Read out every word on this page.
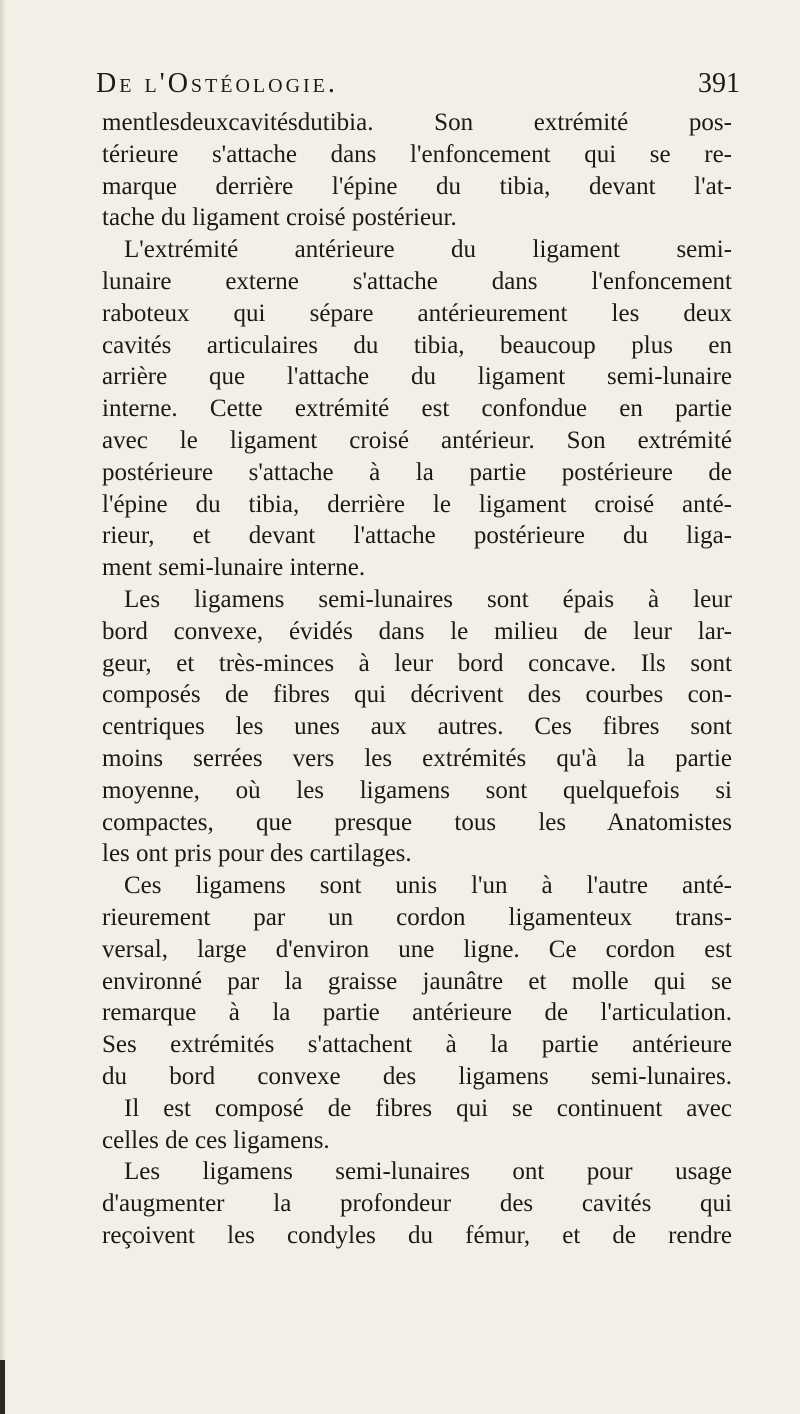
De l'Ostéologie.	391
mentlesdeuxcavitésdutibia. Son extrémité pos-
térieure s'attache dans l'enfoncement qui se re-
marque derrière l'épine du tibia, devant l'at-
tache du ligament croisé postérieur.
L'extrémité antérieure du ligament semi-
lunaire externe s'attache dans l'enfoncement
raboteux qui sépare antérieurement les deux
cavités articulaires du tibia, beaucoup plus en
arrière que l'attache du ligament semi-lunaire
interne. Cette extrémité est confondue en partie
avec le ligament croisé antérieur. Son extrémité
postérieure s'attache à la partie postérieure de
l'épine du tibia, derrière le ligament croisé anté-
rieur, et devant l'attache postérieure du liga-
ment semi-lunaire interne.
Les ligamens semi-lunaires sont épais à leur
bord convexe, évidés dans le milieu de leur lar-
geur, et très-minces à leur bord concave. Ils sont
composés de fibres qui décrivent des courbes con-
centriques les unes aux autres. Ces fibres sont
moins serrées vers les extrémités qu'à la partie
moyenne, où les ligamens sont quelquefois si
compactes, que presque tous les Anatomistes
les ont pris pour des cartilages.
Ces ligamens sont unis l'un à l'autre anté-
rieurement par un cordon ligamenteux trans-
versal, large d'environ une ligne. Ce cordon est
environné par la graisse jaunâtre et molle qui se
remarque à la partie antérieure de l'articulation.
Ses extrémités s'attachent à la partie antérieure
du bord convexe des ligamens semi-lunaires.
Il est composé de fibres qui se continuent avec
celles de ces ligamens.
Les ligamens semi-lunaires ont pour usage
d'augmenter la profondeur des cavités qui
reçoivent les condyles du fémur, et de rendre
